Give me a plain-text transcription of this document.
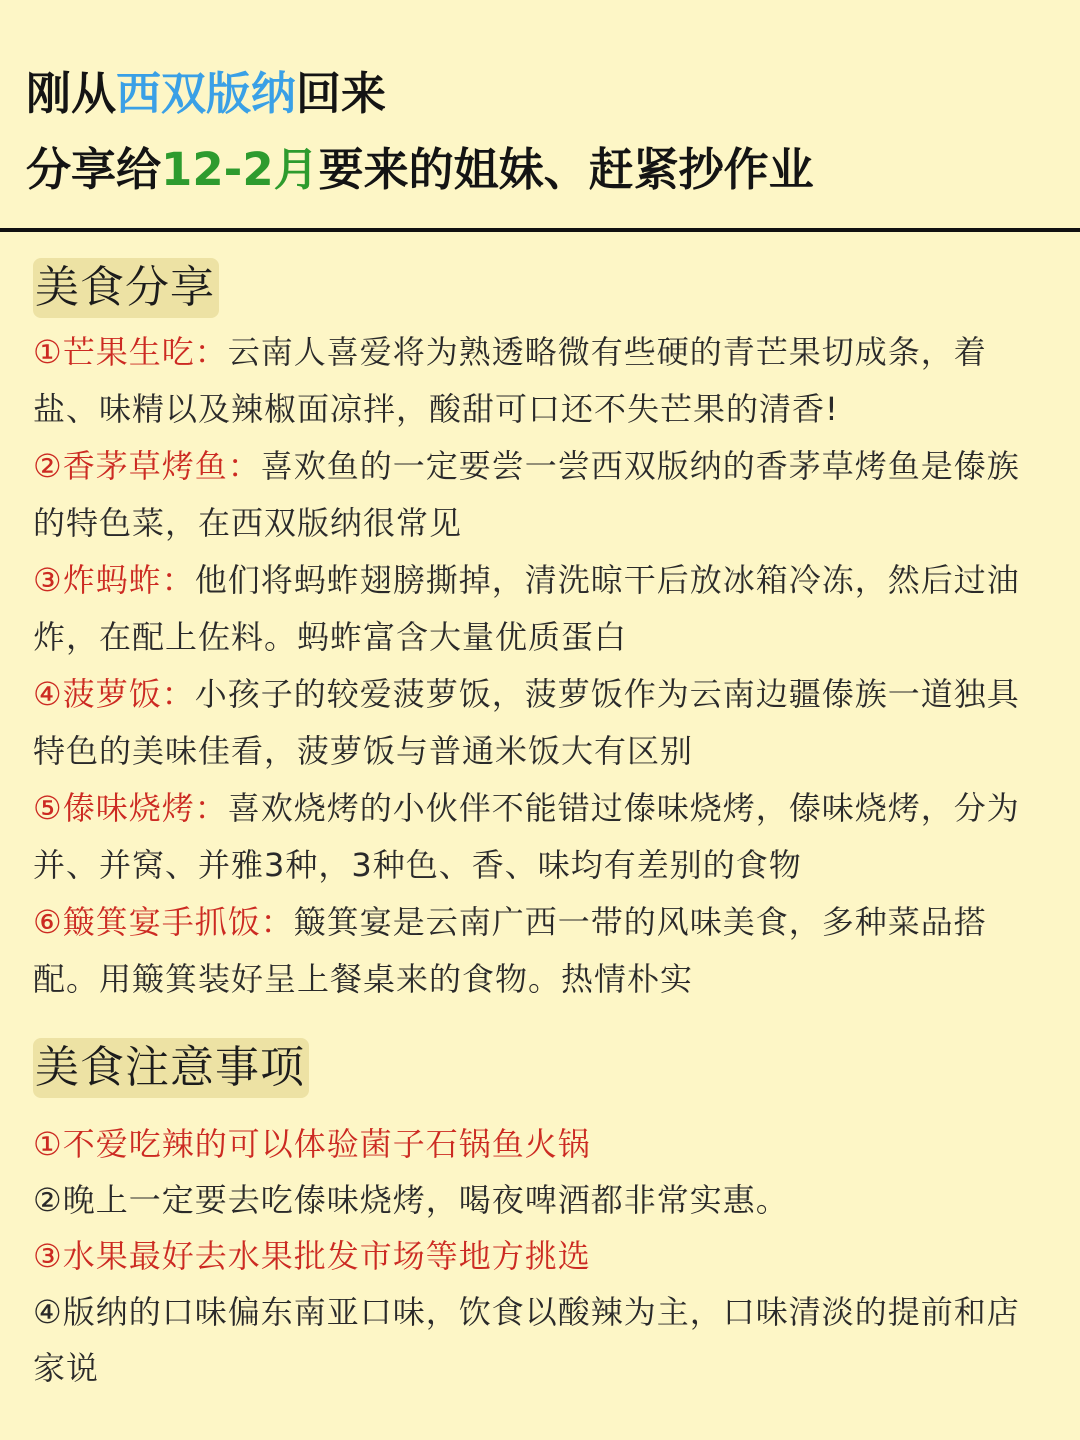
刚从西双版纳回来
分享给12-2月要来的姐妹、赶紧抄作业
美食分享
①芒果生吃：云南人喜爱将为熟透略微有些硬的青芒果切成条，着盐、味精以及辣椒面凉拌，酸甜可口还不失芒果的清香!
②香茅草烤鱼：喜欢鱼的一定要尝一尝西双版纳的香茅草烤鱼是傣族的特色菜，在西双版纳很常见
③炸蚂蚱：他们将蚂蚱翅膀撕掉，清洗晾干后放冰箱冷冻，然后过油炸，在配上佐料。蚂蚱富含大量优质蛋白
④菠萝饭：小孩子的较爱菠萝饭，菠萝饭作为云南边疆傣族一道独具特色的美味佳看，菠萝饭与普通米饭大有区别
⑤傣味烧烤：喜欢烧烤的小伙伴不能错过傣味烧烤，傣味烧烤，分为并、并窝、并雅3种，3种色、香、味均有差别的食物
⑥簸箕宴手抓饭：簸箕宴是云南广西一带的风味美食，多种菜品搭配。用簸箕装好呈上餐桌来的食物。热情朴实
美食注意事项
①不爱吃辣的可以体验菌子石锅鱼火锅
②晚上一定要去吃傣味烧烤，喝夜啤酒都非常实惠。
③水果最好去水果批发市场等地方挑选
④版纳的口味偏东南亚口味，饮食以酸辣为主，口味清淡的提前和店家说
